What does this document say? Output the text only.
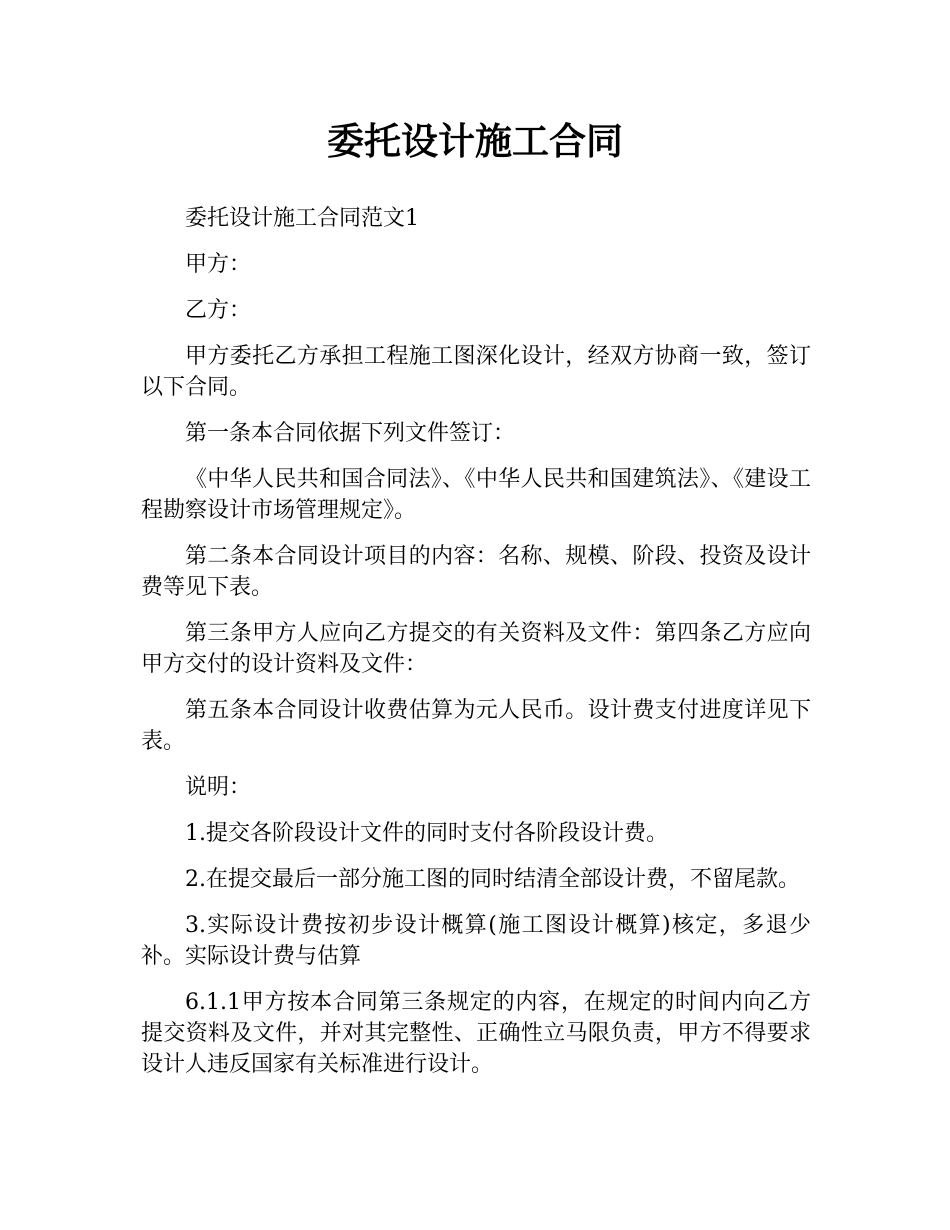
委托设计施工合同

委托设计施工合同范文1

甲方：

乙方：

甲方委托乙方承担工程施工图深化设计，经双方协商一致，签订以下合同。

第一条本合同依据下列文件签订：

《中华人民共和国合同法》、《中华人民共和国建筑法》、《建设工程勘察设计市场管理规定》。

第二条本合同设计项目的内容：名称、规模、阶段、投资及设计费等见下表。

第三条甲方人应向乙方提交的有关资料及文件：第四条乙方应向甲方交付的设计资料及文件：

第五条本合同设计收费估算为元人民币。设计费支付进度详见下表。

说明：

1.提交各阶段设计文件的同时支付各阶段设计费。

2.在提交最后一部分施工图的同时结清全部设计费，不留尾款。

3.实际设计费按初步设计概算(施工图设计概算)核定，多退少补。实际设计费与估算

6.1.1甲方按本合同第三条规定的内容，在规定的时间内向乙方提交资料及文件，并对其完整性、正确性立马限负责，甲方不得要求设计人违反国家有关标准进行设计。
